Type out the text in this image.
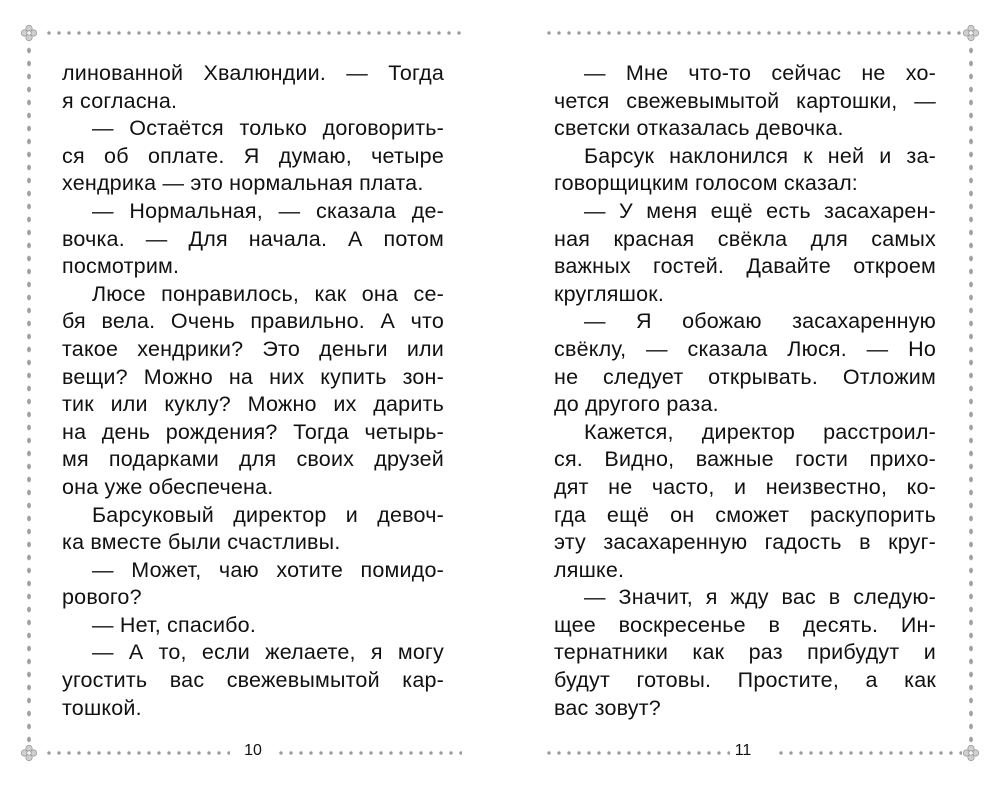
линованной Хвалюндии. — Тогда
я согласна.
— Остаётся только договорить-
ся об оплате. Я думаю, четыре
хендрика — это нормальная плата.
— Нормальная, — сказала де-
вочка. — Для начала. А потом
посмотрим.
Люсе понравилось, как она се-
бя вела. Очень правильно. А что
такое хендрики? Это деньги или
вещи? Можно на них купить зон-
тик или куклу? Можно их дарить
на день рождения? Тогда четырь-
мя подарками для своих друзей
она уже обеспечена.
Барсуковый директор и девоч-
ка вместе были счастливы.
— Может, чаю хотите помидо-
рового?
— Нет, спасибо.
— А то, если желаете, я могу
угостить вас свежевымытой кар-
тошкой.
10
— Мне что-то сейчас не хо-
чется свежевымытой картошки, —
светски отказалась девочка.
Барсук наклонился к ней и за-
говорщицким голосом сказал:
— У меня ещё есть засахарен-
ная красная свёкла для самых
важных гостей. Давайте откроем
кругляшок.
— Я обожаю засахаренную
свёклу, — сказала Люся. — Но
не следует открывать. Отложим
до другого раза.
Кажется, директор расстроил-
ся. Видно, важные гости прихо-
дят не часто, и неизвестно, ко-
гда ещё он сможет раскупорить
эту засахаренную гадость в круг-
ляшке.
— Значит, я жду вас в следую-
щее воскресенье в десять. Ин-
тернатники как раз прибудут и
будут готовы. Простите, а как
вас зовут?
11
